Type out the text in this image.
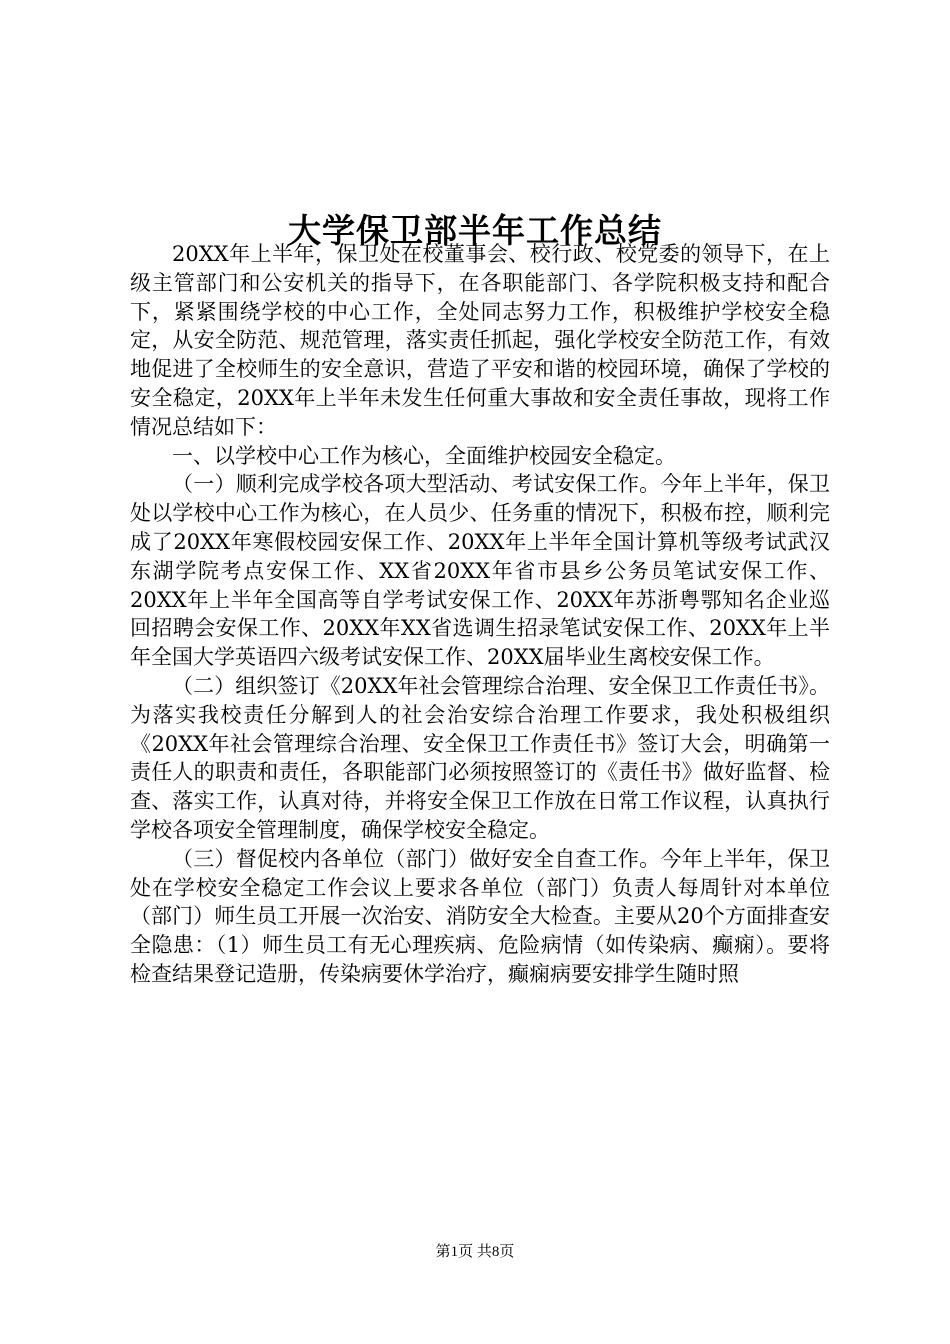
大学保卫部半年工作总结

20XX年上半年，保卫处在校董事会、校行政、校党委的领导下，在上级主管部门和公安机关的指导下，在各职能部门、各学院积极支持和配合下，紧紧围绕学校的中心工作，全处同志努力工作，积极维护学校安全稳定，从安全防范、规范管理，落实责任抓起，强化学校安全防范工作，有效地促进了全校师生的安全意识，营造了平安和谐的校园环境，确保了学校的安全稳定，20XX年上半年未发生任何重大事故和安全责任事故，现将工作情况总结如下：

一、以学校中心工作为核心，全面维护校园安全稳定。

（一）顺利完成学校各项大型活动、考试安保工作。今年上半年，保卫处以学校中心工作为核心，在人员少、任务重的情况下，积极布控，顺利完成了20XX年寒假校园安保工作、20XX年上半年全国计算机等级考试武汉东湖学院考点安保工作、XX省20XX年省市县乡公务员笔试安保工作、20XX年上半年全国高等自学考试安保工作、20XX年苏浙粤鄂知名企业巡回招聘会安保工作、20XX年XX省选调生招录笔试安保工作、20XX年上半年全国大学英语四六级考试安保工作、20XX届毕业生离校安保工作。

（二）组织签订《20XX年社会管理综合治理、安全保卫工作责任书》。为落实我校责任分解到人的社会治安综合治理工作要求，我处积极组织《20XX年社会管理综合治理、安全保卫工作责任书》签订大会，明确第一责任人的职责和责任，各职能部门必须按照签订的《责任书》做好监督、检查、落实工作，认真对待，并将安全保卫工作放在日常工作议程，认真执行学校各项安全管理制度，确保学校安全稳定。

（三）督促校内各单位（部门）做好安全自查工作。今年上半年，保卫处在学校安全稳定工作会议上要求各单位（部门）负责人每周针对本单位（部门）师生员工开展一次治安、消防安全大检查。主要从20个方面排查安全隐患：（1）师生员工有无心理疾病、危险病情（如传染病、癫痫）。要将检查结果登记造册，传染病要休学治疗，癫痫病要安排学生随时照

第1页 共8页
